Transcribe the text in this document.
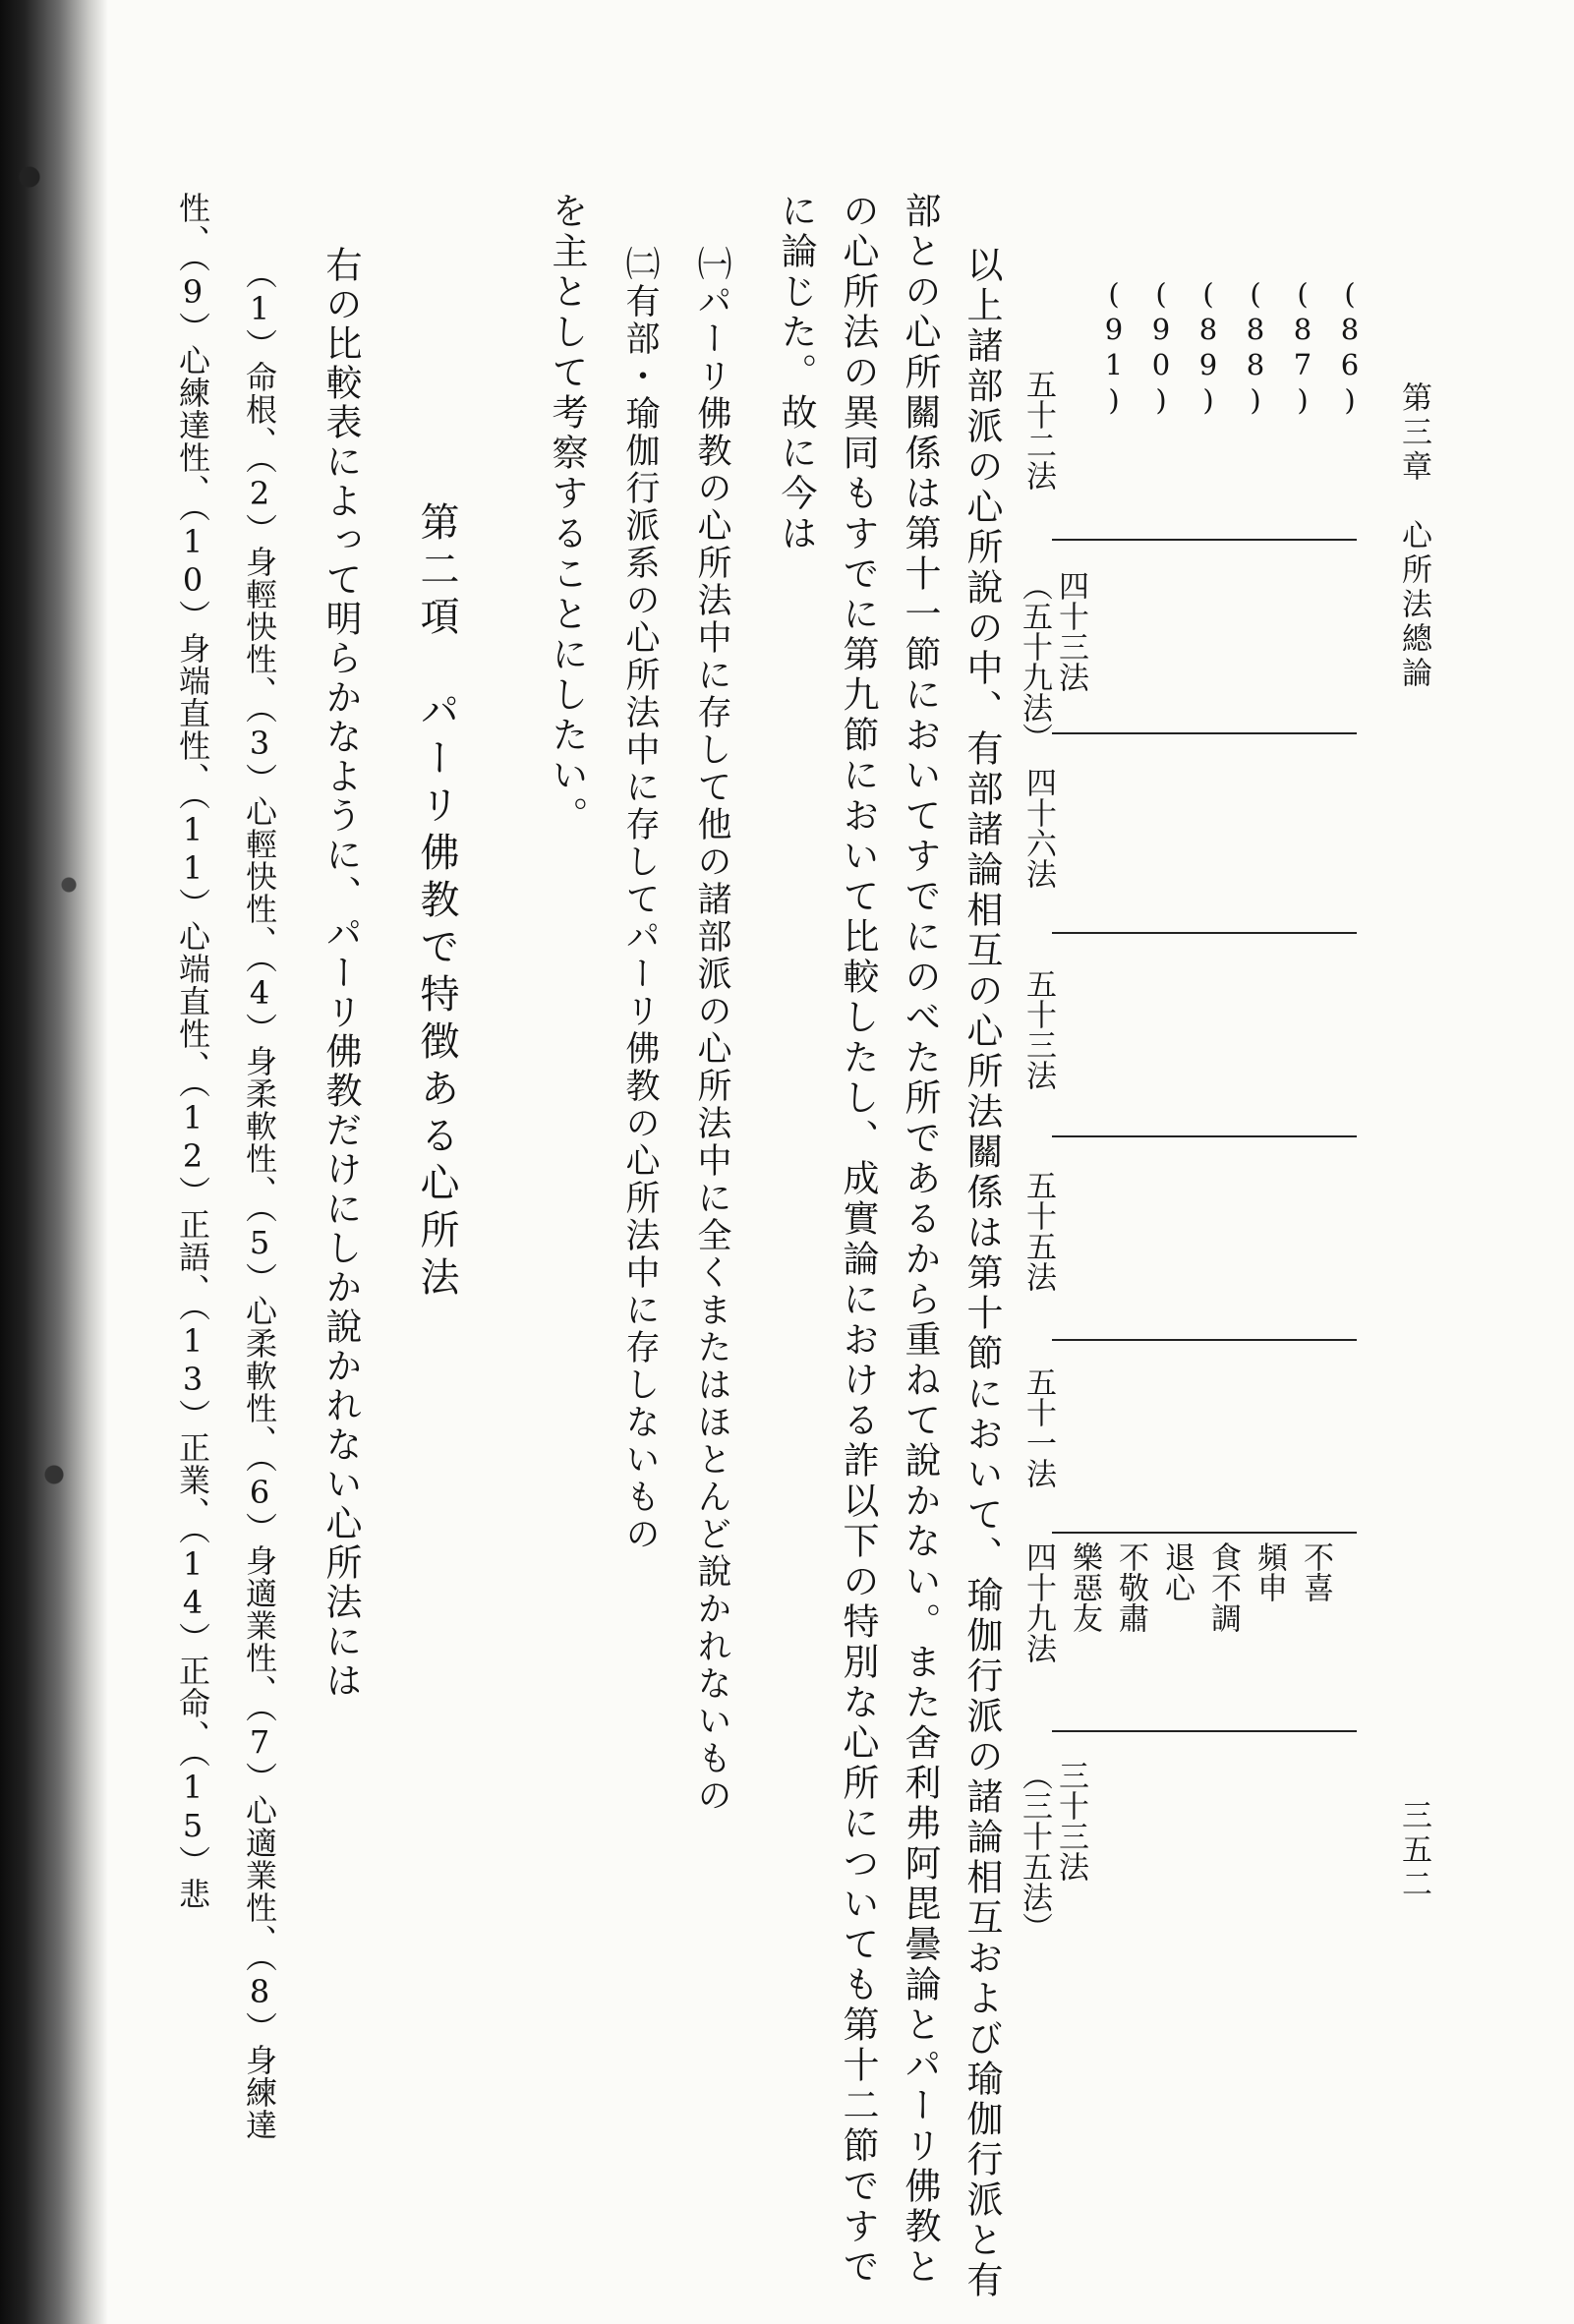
第三章　心所法總論
三五二
(86)
(87)
(88)
(89)
(90)
(91)
不喜
頻申
食不調
退心
不敬肅
樂惡友
五十二法
四十三法
（五十九法）
四十六法
五十三法
五十五法
五十一法
四十九法
三十三法
（三十五法）
以上諸部派の心所說の中、有部諸論相互の心所法關係は第十節において、瑜伽行派の諸論相互および瑜伽行派と有
部との心所關係は第十一節においてすでにのべた所であるから重ねて說かない。また舍利弗阿毘曇論とパーリ佛教と
の心所法の異同もすでに第九節において比較したし、成實論における詐以下の特別な心所についても第十二節ですで
に論じた。故に今は
㈠パーリ佛教の心所法中に存して他の諸部派の心所法中に全くまたはほとんど說かれないもの
㈡有部・瑜伽行派系の心所法中に存してパーリ佛教の心所法中に存しないもの
を主として考察することにしたい。
第二項　パーリ佛教で特徴ある心所法
右の比較表によって明らかなように、パーリ佛教だけにしか說かれない心所法には
（1）命根、（2）身輕快性、（3）心輕快性、（4）身柔軟性、（5）心柔軟性、（6）身適業性、（7）心適業性、（8）身練達
性、（9）心練達性、（10）身端直性、（11）心端直性、（12）正語、（13）正業、（14）正命、（15）悲
